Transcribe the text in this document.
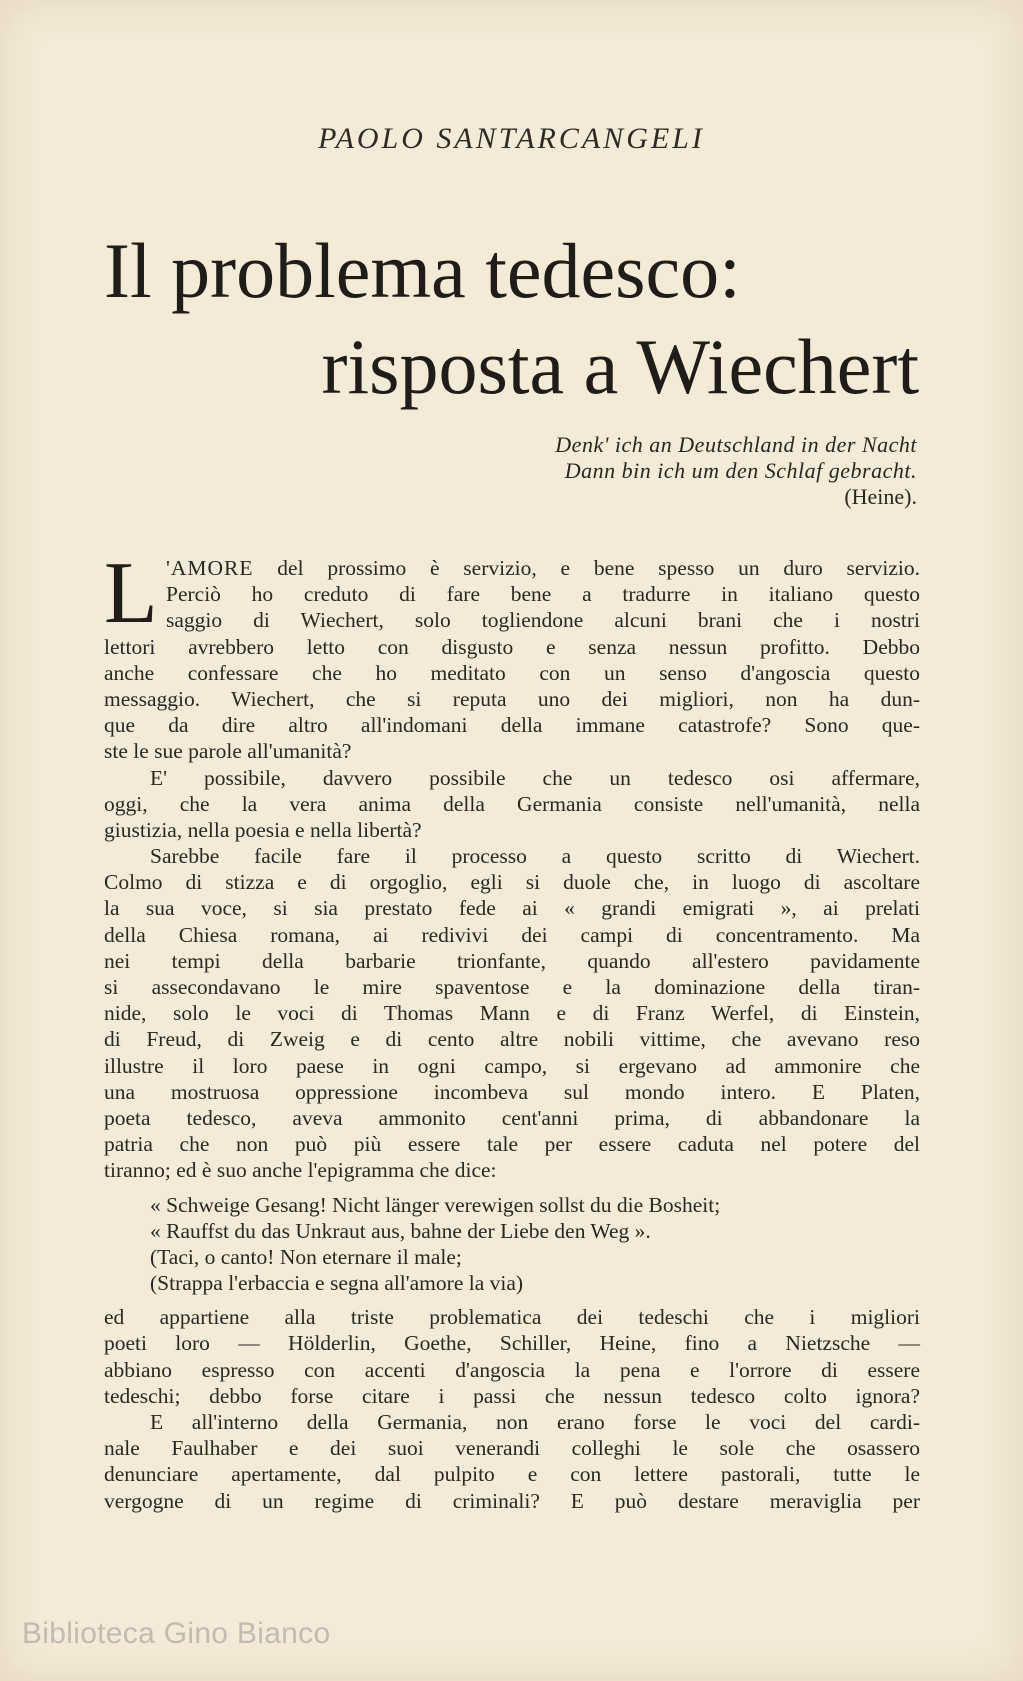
PAOLO SANTARCANGELI
Il problema tedesco:
risposta a Wiechert
Denk' ich an Deutschland in der Nacht
Dann bin ich um den Schlaf gebracht.
(Heine).
L 'AMORE del prossimo è servizio, e bene spesso un duro servizio.
Perciò ho creduto di fare bene a tradurre in italiano questo
saggio di Wiechert, solo togliendone alcuni brani che i nostri
lettori avrebbero letto con disgusto e senza nessun profitto. Debbo
anche confessare che ho meditato con un senso d'angoscia questo
messaggio. Wiechert, che si reputa uno dei migliori, non ha dun-
que da dire altro all'indomani della immane catastrofe? Sono que-
ste le sue parole all'umanità?
E' possibile, davvero possibile che un tedesco osi affermare,
oggi, che la vera anima della Germania consiste nell'umanità, nella
giustizia, nella poesia e nella libertà?
Sarebbe facile fare il processo a questo scritto di Wiechert.
Colmo di stizza e di orgoglio, egli si duole che, in luogo di ascoltare
la sua voce, si sia prestato fede ai « grandi emigrati », ai prelati
della Chiesa romana, ai redivivi dei campi di concentramento. Ma
nei tempi della barbarie trionfante, quando all'estero pavidamente
si assecondavano le mire spaventose e la dominazione della tiran-
nide, solo le voci di Thomas Mann e di Franz Werfel, di Einstein,
di Freud, di Zweig e di cento altre nobili vittime, che avevano reso
illustre il loro paese in ogni campo, si ergevano ad ammonire che
una mostruosa oppressione incombeva sul mondo intero. E Platen,
poeta tedesco, aveva ammonito cent'anni prima, di abbandonare la
patria che non può più essere tale per essere caduta nel potere del
tiranno; ed è suo anche l'epigramma che dice:
« Schweige Gesang! Nicht länger verewigen sollst du die Bosheit;
« Rauffst du das Unkraut aus, bahne der Liebe den Weg ».
(Taci, o canto! Non eternare il male;
(Strappa l'erbaccia e segna all'amore la via)
ed appartiene alla triste problematica dei tedeschi che i migliori
poeti loro — Hölderlin, Goethe, Schiller, Heine, fino a Nietzsche —
abbiano espresso con accenti d'angoscia la pena e l'orrore di essere
tedeschi; debbo forse citare i passi che nessun tedesco colto ignora?
E all'interno della Germania, non erano forse le voci del cardi-
nale Faulhaber e dei suoi venerandi colleghi le sole che osassero
denunciare apertamente, dal pulpito e con lettere pastorali, tutte le
vergogne di un regime di criminali? E può destare meraviglia per
Biblioteca Gino Bianco
